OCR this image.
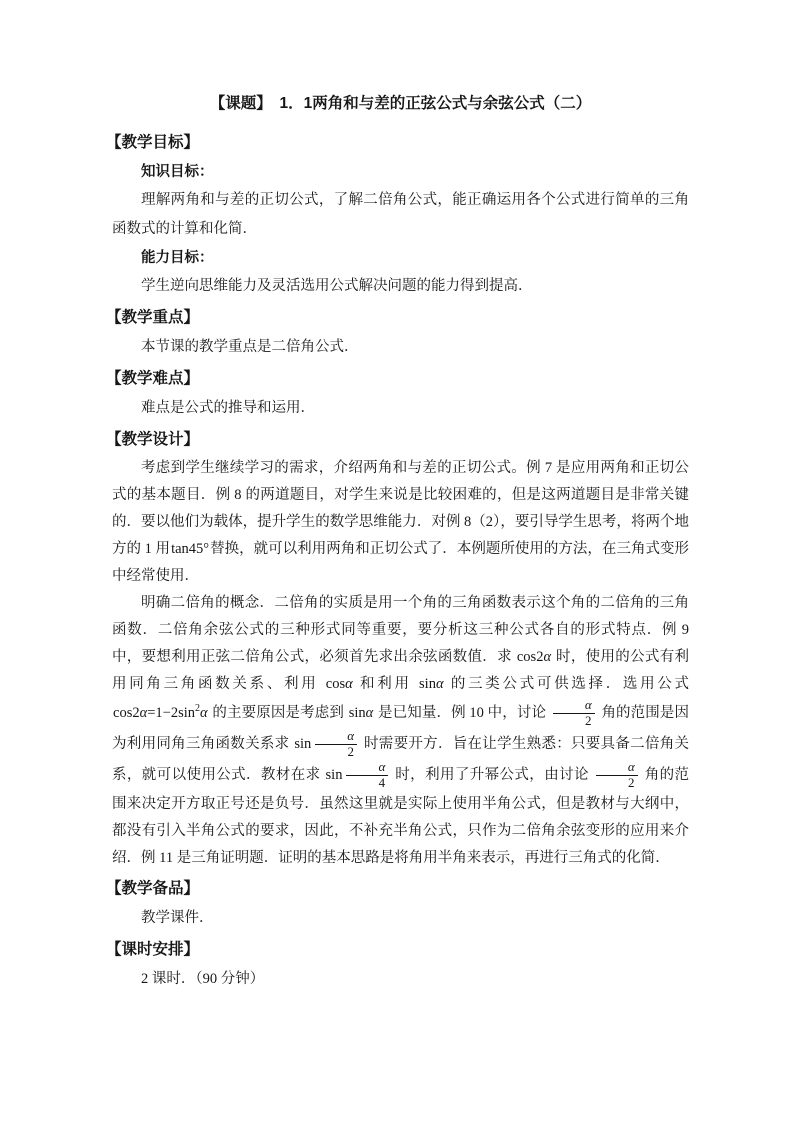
【课题】　1．1两角和与差的正弦公式与余弦公式（二）

【教学目标】

知识目标：

理解两角和与差的正切公式，了解二倍角公式，能正确运用各个公式进行简单的三角函数式的计算和化简．

能力目标：

学生逆向思维能力及灵活选用公式解决问题的能力得到提高．

【教学重点】

本节课的教学重点是二倍角公式．

【教学难点】

难点是公式的推导和运用．

【教学设计】

考虑到学生继续学习的需求，介绍两角和与差的正切公式。例 7 是应用两角和正切公式的基本题目．例 8 的两道题目，对学生来说是比较困难的，但是这两道题目是非常关键的．要以他们为载体，提升学生的数学思维能力．对例 8（2），要引导学生思考，将两个地方的 1 用tan45°替换，就可以利用两角和正切公式了．本例题所使用的方法，在三角式变形中经常使用．

明确二倍角的概念．二倍角的实质是用一个角的三角函数表示这个角的二倍角的三角函数．二倍角余弦公式的三种形式同等重要，要分析这三种公式各自的形式特点．例 9 中，要想利用正弦二倍角公式，必须首先求出余弦函数值．求 cos2α 时，使用的公式有利用同角三角函数关系、利用 cosα 和利用 sinα 的三类公式可供选择．选用公式 $\cos 2\alpha=1-2\sin^2\alpha$ 的主要原因是考虑到 sinα 是已知量．例 10 中，讨论 $\frac{\alpha}{2}$ 角的范围是因为利用同角三角函数关系求 $\sin \frac{\alpha}{2}$ 时需要开方．旨在让学生熟悉：只要具备二倍角关系，就可以使用公式．教材在求 $\sin \frac{\alpha}{4}$ 时，利用了升幂公式，由讨论 $\frac{\alpha}{2}$ 角的范围来决定开方取正号还是负号．虽然这里就是实际上使用半角公式，但是教材与大纲中，都没有引入半角公式的要求，因此，不补充半角公式，只作为二倍角余弦变形的应用来介绍．例 11 是三角证明题．证明的基本思路是将角用半角来表示，再进行三角式的化简．

【教学备品】

教学课件．

【课时安排】

2 课时．（90 分钟）
